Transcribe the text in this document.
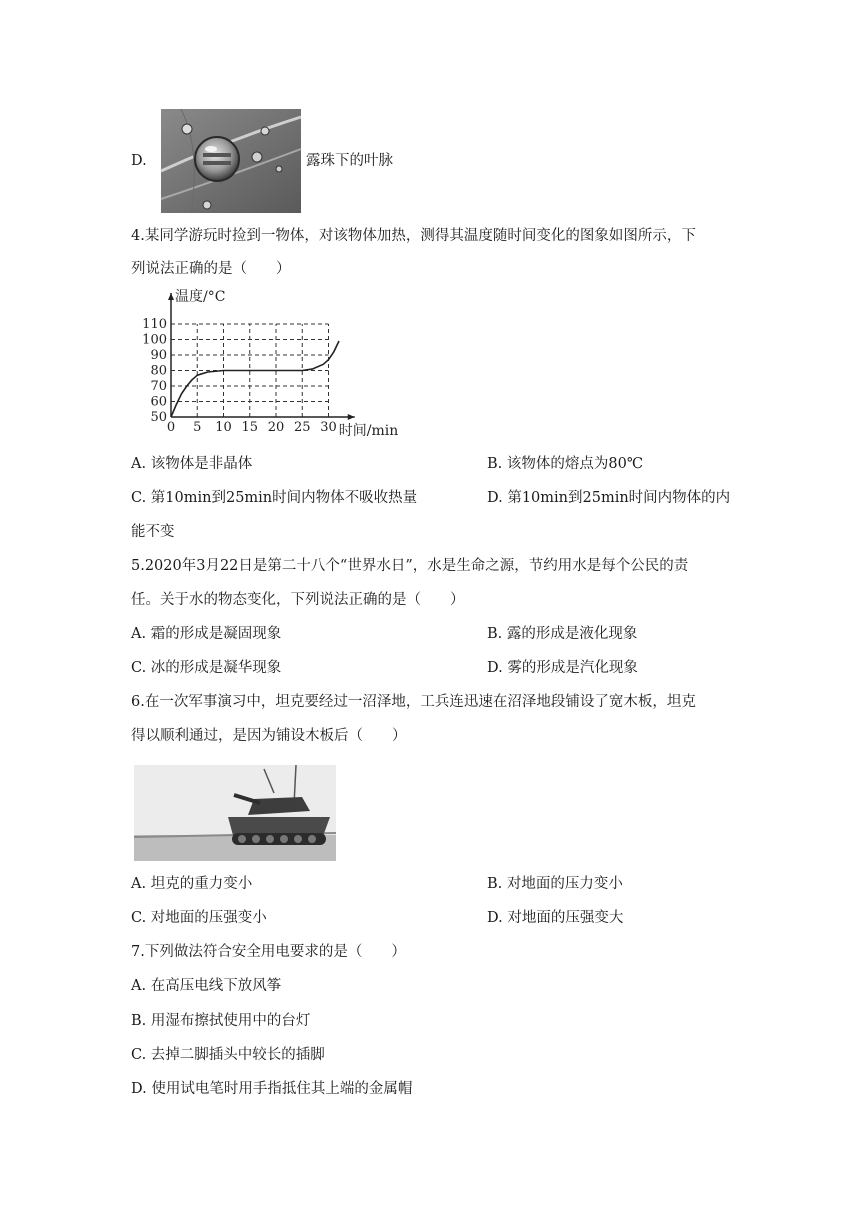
D.	露珠下的叶脉
4.某同学游玩时捡到一物体，对该物体加热，测得其温度随时间变化的图象如图所示，下
列说法正确的是（　　）
0 5 10 15 20 25 30
50
60
70
80
90
100
110
温度/°C
时间/min
A. 该物体是非晶体	B. 该物体的熔点为80℃
C. 第10min到25min时间内物体不吸收热量	D. 第10min到25min时间内物体的内
能不变
5.2020年3月22日是第二十八个“世界水日”，水是生命之源，节约用水是每个公民的责
任。关于水的物态变化，下列说法正确的是（　　）
A. 霜的形成是凝固现象	B. 露的形成是液化现象
C. 冰的形成是凝华现象	D. 雾的形成是汽化现象
6.在一次军事演习中，坦克要经过一沼泽地，工兵连迅速在沼泽地段铺设了宽木板，坦克
得以顺利通过，是因为铺设木板后（　　）
A. 坦克的重力变小	B. 对地面的压力变小
C. 对地面的压强变小	D. 对地面的压强变大
7.下列做法符合安全用电要求的是（　　）
A. 在高压电线下放风筝
B. 用湿布擦拭使用中的台灯
C. 去掉二脚插头中较长的插脚
D. 使用试电笔时用手指抵住其上端的金属帽
